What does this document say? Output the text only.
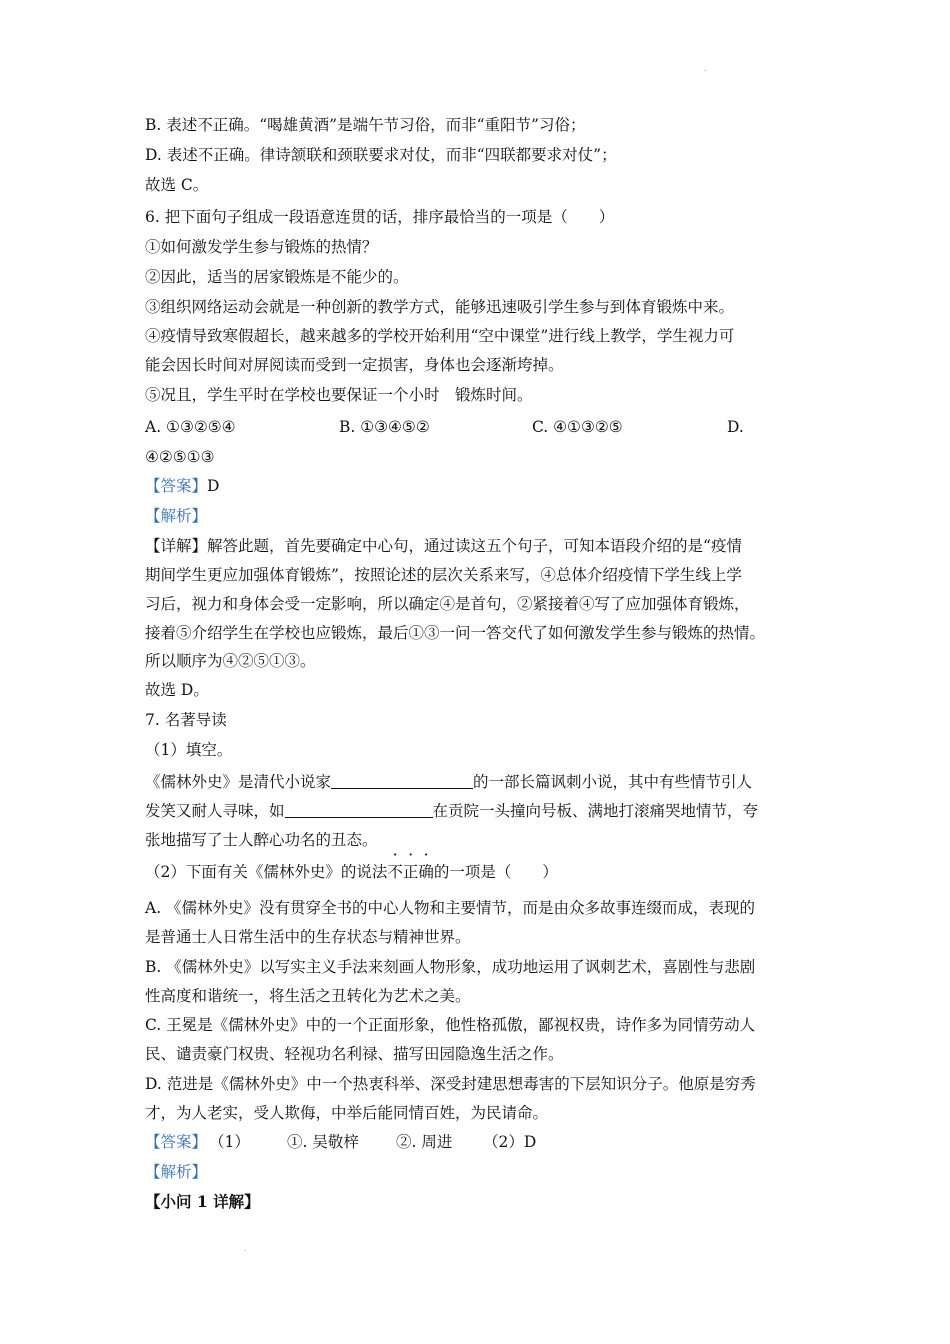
.
B. 表述不正确。“喝雄黄酒”是端午节习俗，而非“重阳节”习俗；
D. 表述不正确。律诗颔联和颈联要求对仗，而非“四联都要求对仗”；
故选 C。
6. 把下面句子组成一段语意连贯的话，排序最恰当的一项是（　　）
①如何激发学生参与锻炼的热情？
②因此，适当的居家锻炼是不能少的。
③组织网络运动会就是一种创新的教学方式，能够迅速吸引学生参与到体育锻炼中来。
④疫情导致寒假超长，越来越多的学校开始利用“空中课堂”进行线上教学，学生视力可
能会因长时间对屏阅读而受到一定损害，身体也会逐渐垮掉。
⑤况且，学生平时在学校也要保证一个小时　锻炼时间。
A. ①③②⑤④	B. ①③④⑤②	C. ④①③②⑤	D.
④②⑤①③
【答案】D
【解析】
【详解】解答此题，首先要确定中心句，通过读这五个句子，可知本语段介绍的是“疫情
期间学生更应加强体育锻炼”，按照论述的层次关系来写，④总体介绍疫情下学生线上学
习后，视力和身体会受一定影响，所以确定④是首句，②紧接着④写了应加强体育锻炼，
接着⑤介绍学生在学校也应锻炼，最后①③一问一答交代了如何激发学生参与锻炼的热情。
所以顺序为④②⑤①③。
故选 D。
7. 名著导读
（1）填空。
《儒林外史》是清代小说家	的一部长篇讽刺小说，其中有些情节引人
发笑又耐人寻味，如	在贡院一头撞向号板、满地打滚痛哭地情节，夸
张地描写了士人醉心功名的丑态。
（2）下面有关《儒林外史》的说法不正确的一项是（　　）
A. 《儒林外史》没有贯穿全书的中心人物和主要情节，而是由众多故事连缀而成，表现的
是普通士人日常生活中的生存状态与精神世界。
B. 《儒林外史》以写实主义手法来刻画人物形象，成功地运用了讽刺艺术，喜剧性与悲剧
性高度和谐统一，将生活之丑转化为艺术之美。
C. 王冕是《儒林外史》中的一个正面形象，他性格孤傲，鄙视权贵，诗作多为同情劳动人
民、谴责豪门权贵、轻视功名利禄、描写田园隐逸生活之作。
D. 范进是《儒林外史》中一个热衷科举、深受封建思想毒害的下层知识分子。他原是穷秀
才，为人老实，受人欺侮，中举后能同情百姓，为民请命。
【答案】 （1） ①. 吴敬梓 ②. 周进 （2）D
【解析】
【小问 1 详解】
.
